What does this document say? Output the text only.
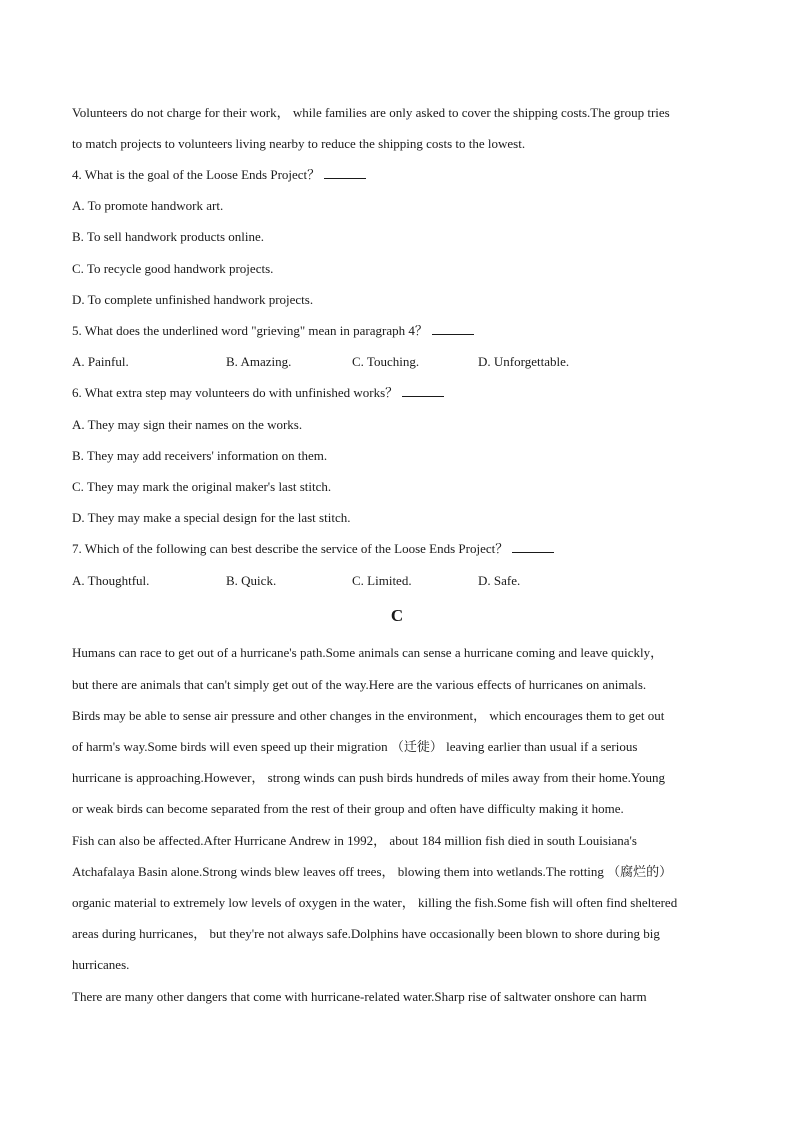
Volunteers do not charge for their work， while families are only asked to cover the shipping costs.The group tries
to match projects to volunteers living nearby to reduce the shipping costs to the lowest.
4. What is the goal of the Loose Ends Project？
A. To promote handwork art.
B. To sell handwork products online.
C. To recycle good handwork projects.
D. To complete unfinished handwork projects.
5. What does the underlined word "grieving" mean in paragraph 4？
A. Painful.	B. Amazing.	C. Touching.	D. Unforgettable.
6. What extra step may volunteers do with unfinished works？
A. They may sign their names on the works.
B. They may add receivers' information on them.
C. They may mark the original maker's last stitch.
D. They may make a special design for the last stitch.
7. Which of the following can best describe the service of the Loose Ends Project？
A. Thoughtful.	B. Quick.	C. Limited.	D. Safe.
C
Humans can race to get out of a hurricane's path.Some animals can sense a hurricane coming and leave quickly，
but there are animals that can't simply get out of the way.Here are the various effects of hurricanes on animals.
Birds may be able to sense air pressure and other changes in the environment， which encourages them to get out
of harm's way.Some birds will even speed up their migration （迁徙） leaving earlier than usual if a serious
hurricane is approaching.However， strong winds can push birds hundreds of miles away from their home.Young
or weak birds can become separated from the rest of their group and often have difficulty making it home.
Fish can also be affected.After Hurricane Andrew in 1992， about 184 million fish died in south Louisiana's
Atchafalaya Basin alone.Strong winds blew leaves off trees， blowing them into wetlands.The rotting （腐烂的）
organic material to extremely low levels of oxygen in the water， killing the fish.Some fish will often find sheltered
areas during hurricanes， but they're not always safe.Dolphins have occasionally been blown to shore during big
hurricanes.
There are many other dangers that come with hurricane-related water.Sharp rise of saltwater onshore can harm
